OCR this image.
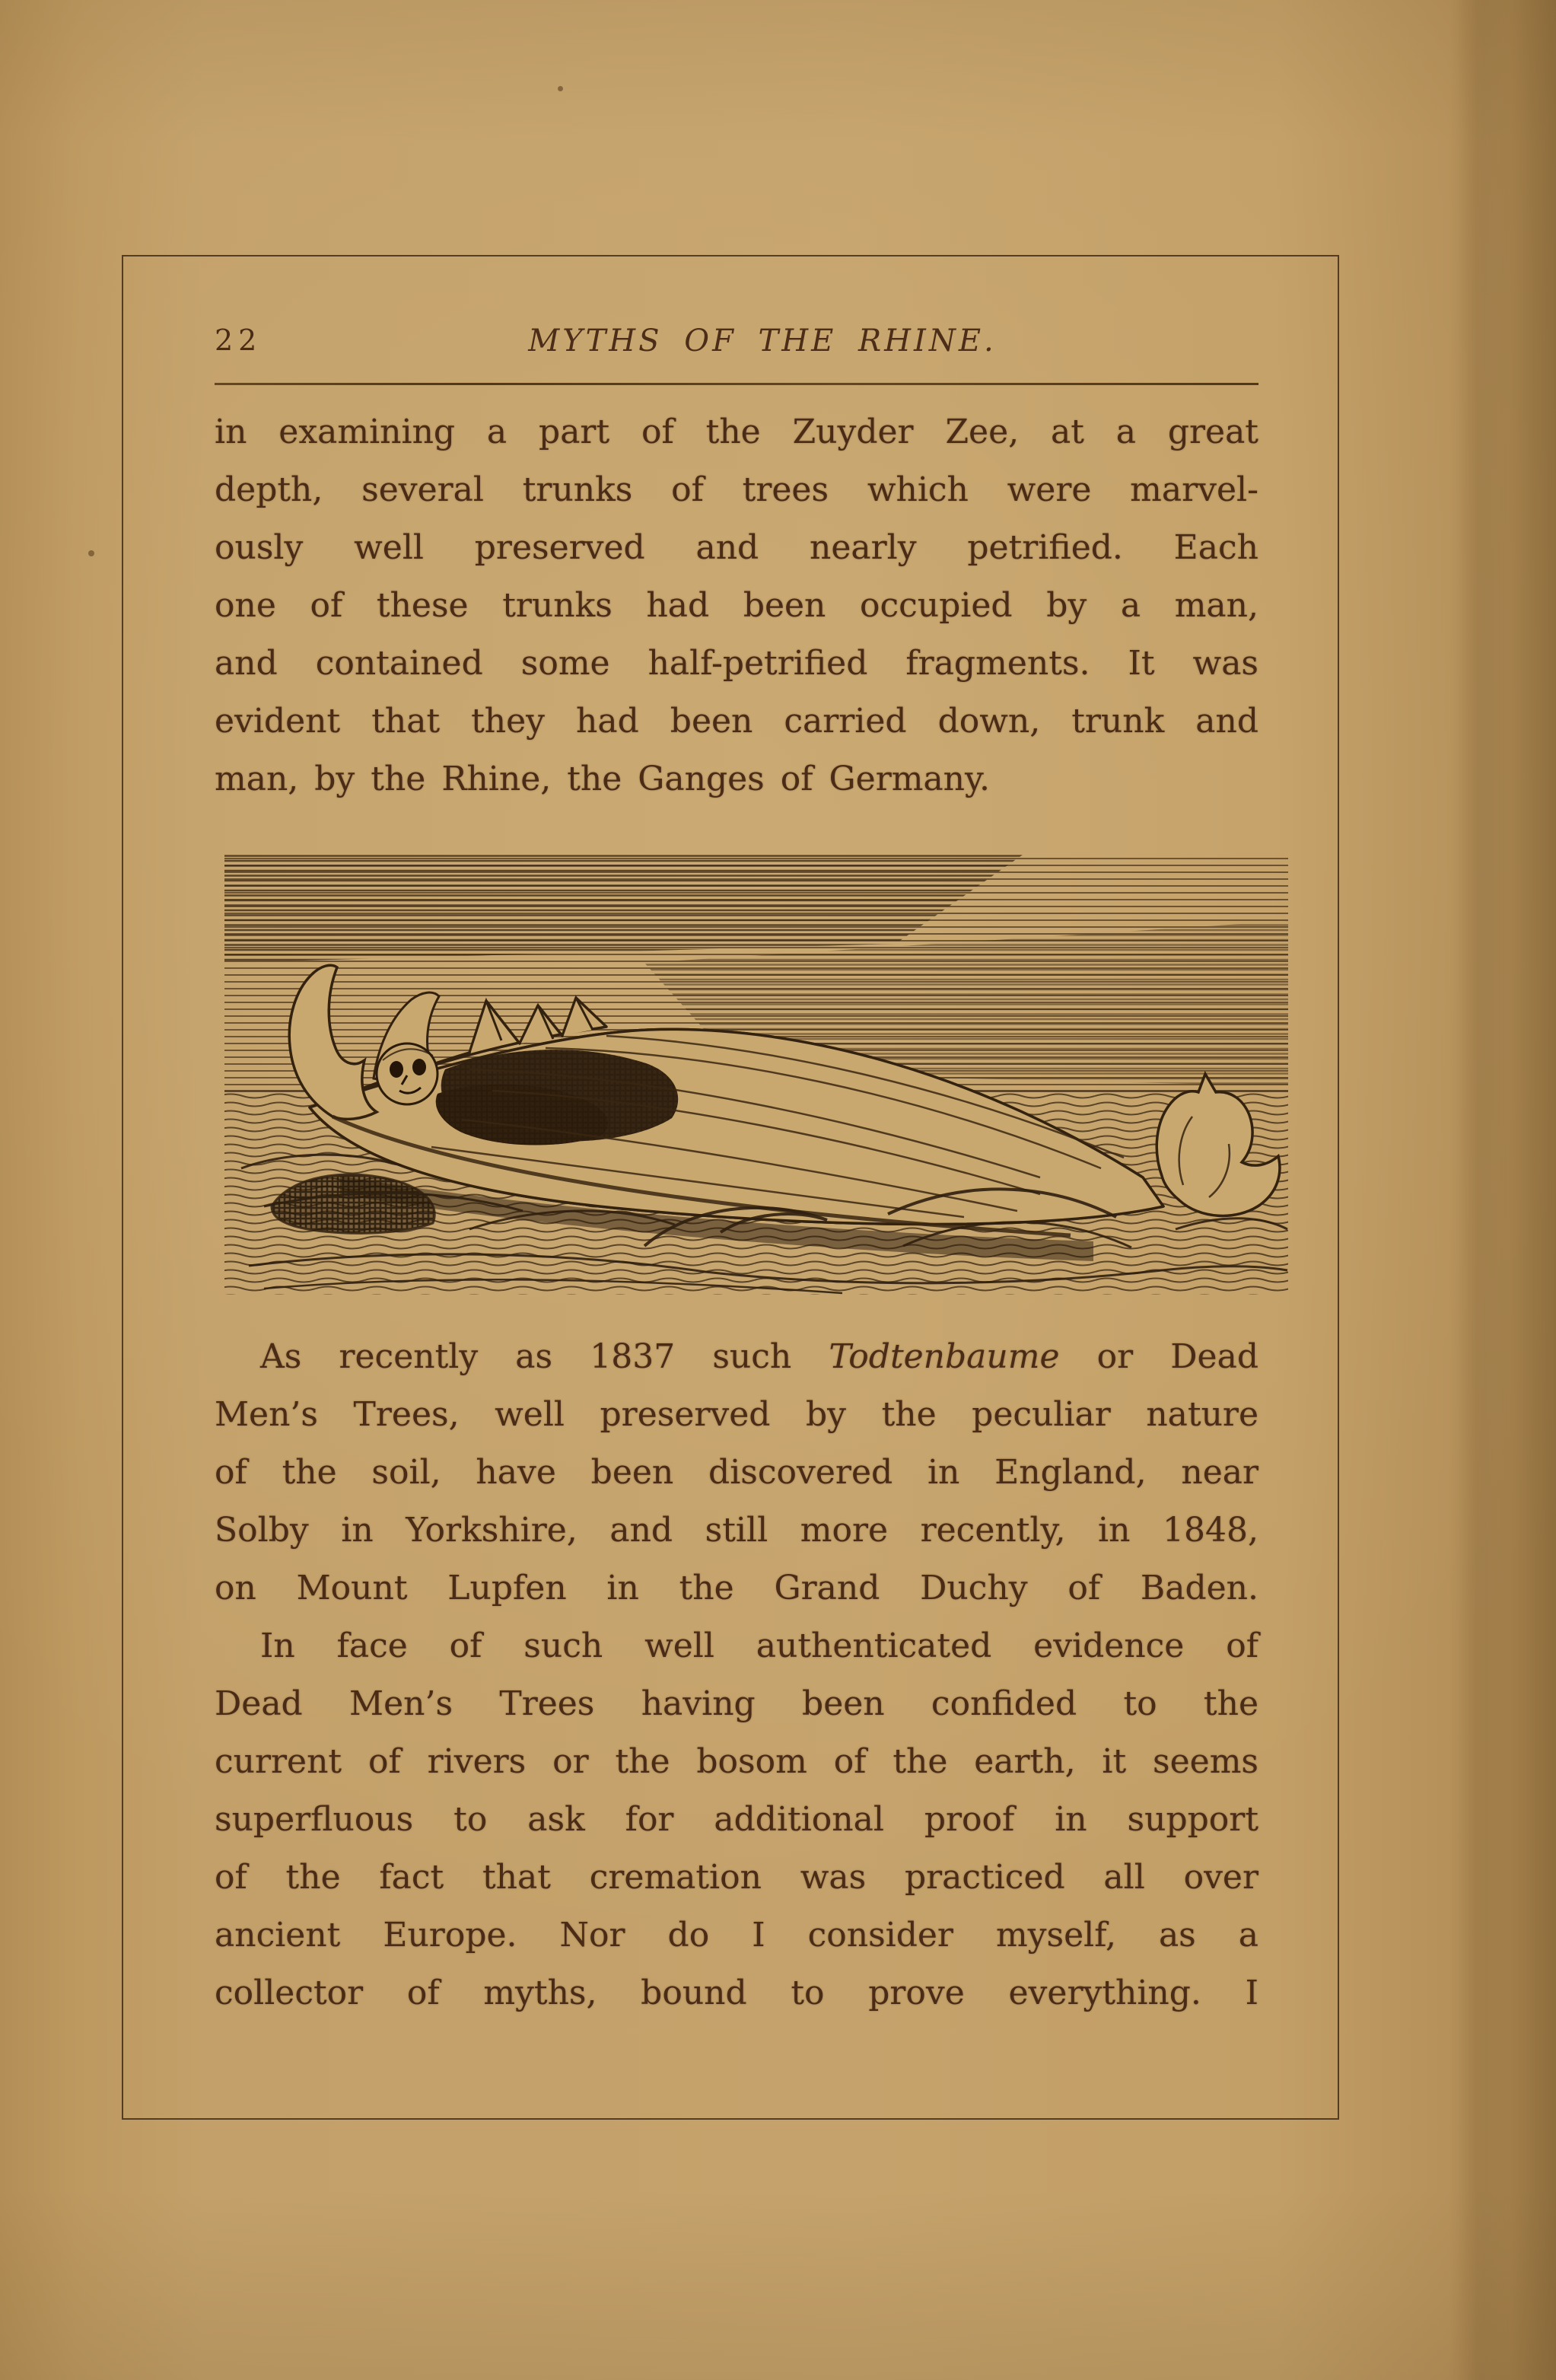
22	MYTHS OF THE RHINE.
in examining a part of the Zuyder Zee, at a great
depth, several trunks of trees which were marvel-
ously well preserved and nearly petrified. Each
one of these trunks had been occupied by a man,
and contained some half-petrified fragments. It was
evident that they had been carried down, trunk and
man, by the Rhine, the Ganges of Germany.
As recently as 1837 such Todtenbaume or Dead
Men’s Trees, well preserved by the peculiar nature
of the soil, have been discovered in England, near
Solby in Yorkshire, and still more recently, in 1848,
on Mount Lupfen in the Grand Duchy of Baden.
In face of such well authenticated evidence of
Dead Men’s Trees having been confided to the
current of rivers or the bosom of the earth, it seems
superfluous to ask for additional proof in support
of the fact that cremation was practiced all over
ancient Europe. Nor do I consider myself, as a
collector of myths, bound to prove everything. I
